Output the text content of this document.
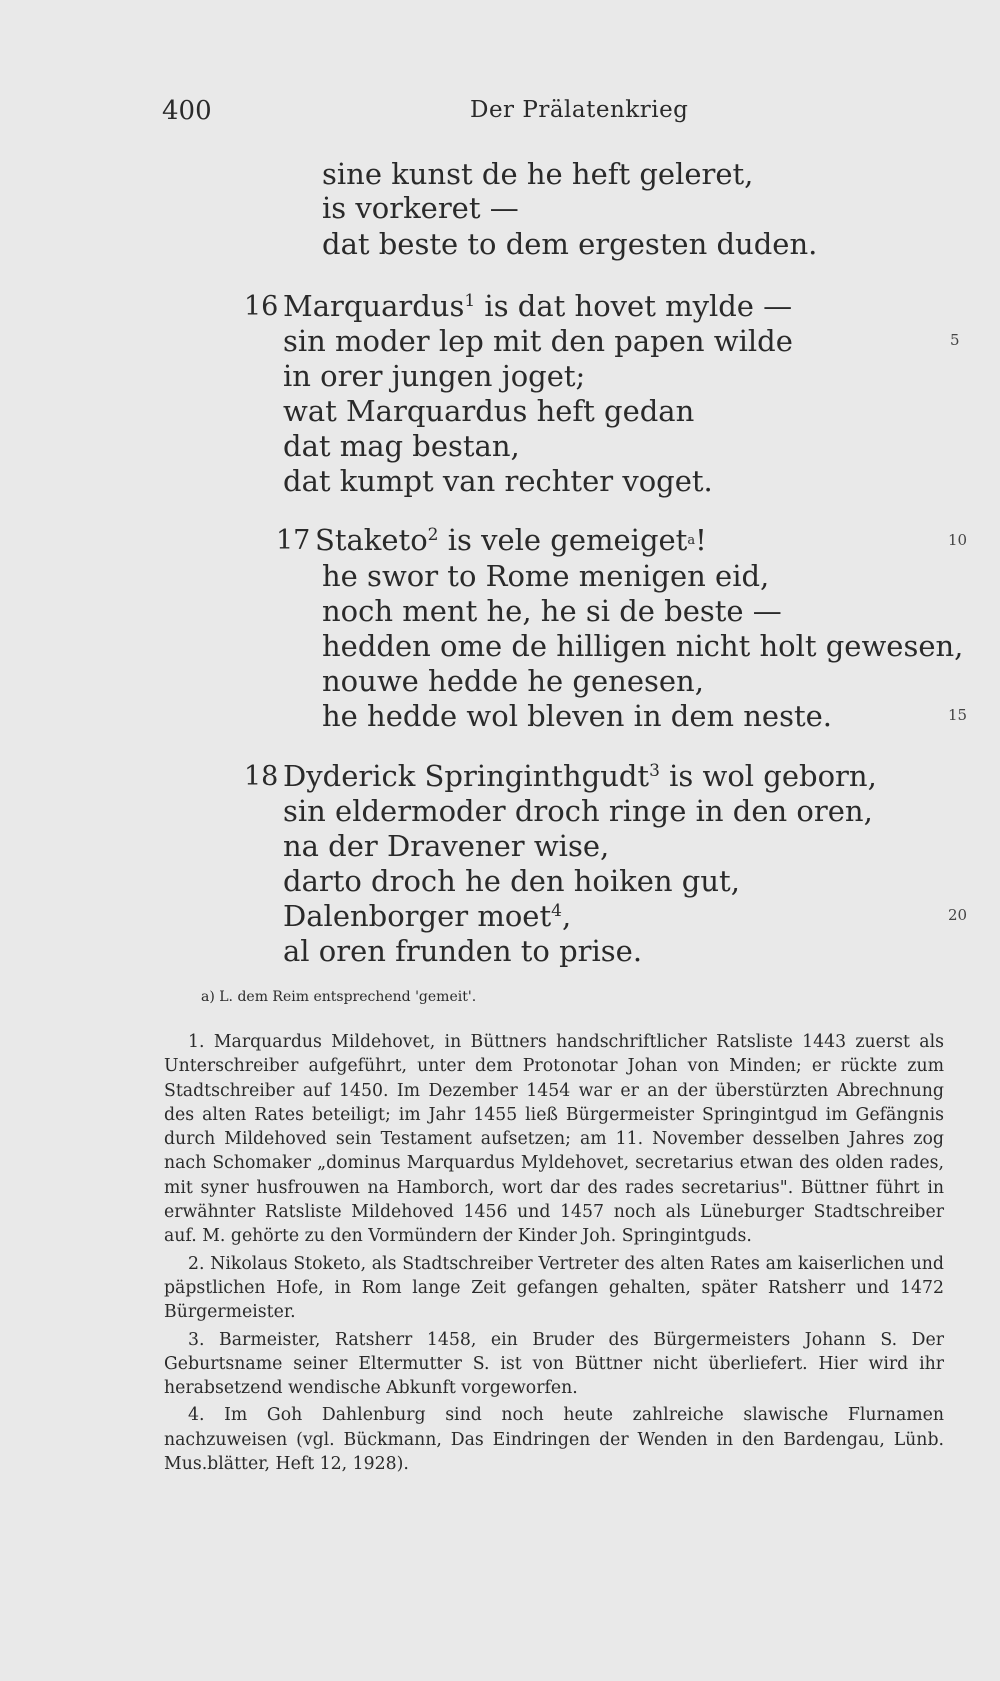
400	Der Prälatenkrieg
sine kunst de he heft geleret,
is vorkeret —
dat beste to dem ergesten duden.
16 Marquardus$^1$ is dat hovet mylde —
sin moder lep mit den papen wilde	5
in orer jungen joget;
wat Marquardus heft gedan
dat mag bestan,
dat kumpt van rechter voget.
17 Staketo$^2$ is vele gemeiget$^a$!	10
he swor to Rome menigen eid,
noch ment he, he si de beste —
hedden ome de hilligen nicht holt gewesen,
nouwe hedde he genesen,
he hedde wol bleven in dem neste.	15
18 Dyderick Springinthgudt$^3$ is wol geborn,
sin eldermoder droch ringe in den oren,
na der Dravener wise,
darto droch he den hoiken gut,
Dalenborger moet$^4$,	20
al oren frunden to prise.
a) L. dem Reim entsprechend 'gemeit'.

1. Marquardus Mildehovet, in Büttners handschriftlicher Ratsliste 1443 zuerst als Unterschreiber aufgeführt, unter dem Protonotar Johan von Minden; er rückte zum Stadtschreiber auf 1450. Im Dezember 1454 war er an der überstürzten Abrechnung des alten Rates beteiligt; im Jahr 1455 ließ Bürgermeister Springintgud im Gefängnis durch Mildehoved sein Testament aufsetzen; am 11. November desselben Jahres zog nach Schomaker „dominus Marquardus Myldehovet, secretarius etwan des olden rades, mit syner husfrouwen na Hamborch, wort dar des rades secretarius". Büttner führt in erwähnter Ratsliste Mildehoved 1456 und 1457 noch als Lüneburger Stadtschreiber auf. M. gehörte zu den Vormündern der Kinder Joh. Springintguds.

2. Nikolaus Stoketo, als Stadtschreiber Vertreter des alten Rates am kaiserlichen und päpstlichen Hofe, in Rom lange Zeit gefangen gehalten, später Ratsherr und 1472 Bürgermeister.

3. Barmeister, Ratsherr 1458, ein Bruder des Bürgermeisters Johann S. Der Geburtsname seiner Eltermutter S. ist von Büttner nicht überliefert. Hier wird ihr herabsetzend wendische Abkunft vorgeworfen.

4. Im Goh Dahlenburg sind noch heute zahlreiche slawische Flurnamen nachzuweisen (vgl. Bückmann, Das Eindringen der Wenden in den Bardengau, Lünb. Mus.blätter, Heft 12, 1928).
